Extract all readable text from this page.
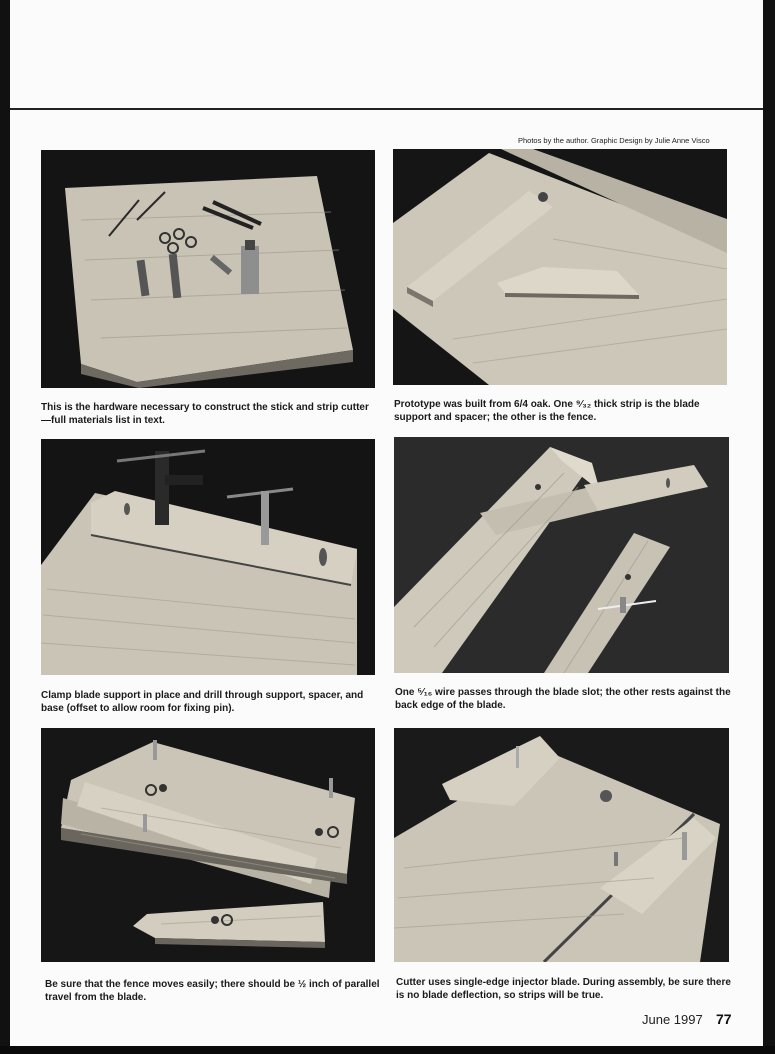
Photos by the author. Graphic Design by Julie Anne Visco
This is the hardware necessary to construct the stick and strip cutter—full materials list in text.
Prototype was built from 6/4 oak. One ⁹⁄₃₂ thick strip is the blade support and spacer; the other is the fence.
Clamp blade support in place and drill through support, spacer, and base (offset to allow room for fixing pin).
One ⁵⁄₁₆ wire passes through the blade slot; the other rests against the back edge of the blade.
Be sure that the fence moves easily; there should be ½ inch of parallel travel from the blade.
Cutter uses single-edge injector blade. During assembly, be sure there is no blade deflection, so strips will be true.
June 1997 77
